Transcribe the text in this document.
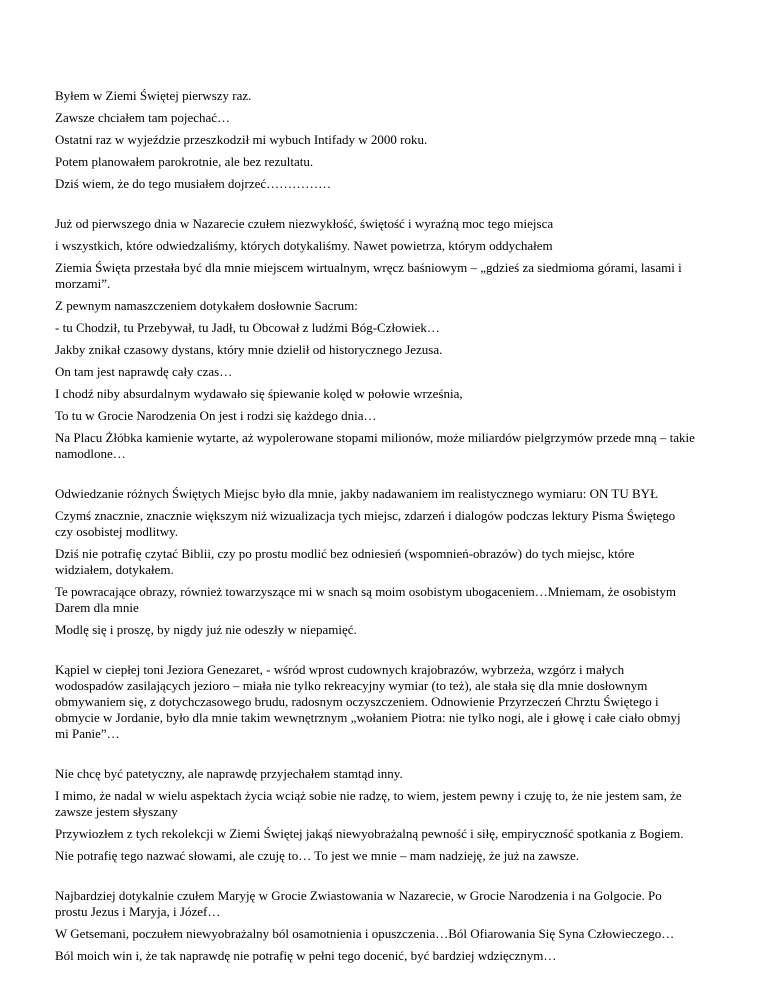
Byłem w Ziemi Świętej pierwszy raz.

Zawsze chciałem tam pojechać…

Ostatni raz w wyjeździe przeszkodził mi wybuch Intifady w 2000 roku.

Potem planowałem parokrotnie, ale bez rezultatu.

Dziś wiem, że do tego musiałem dojrzeć……………

Już od pierwszego dnia w Nazarecie czułem niezwykłość, świętość i wyraźną moc tego miejsca

i wszystkich, które odwiedzaliśmy, których dotykaliśmy. Nawet powietrza, którym oddychałem

Ziemia Święta przestała być dla mnie miejscem wirtualnym, wręcz baśniowym – „gdzieś za siedmioma górami, lasami i morzami”.

Z pewnym namaszczeniem dotykałem dosłownie Sacrum:

- tu Chodził, tu Przebywał, tu Jadł, tu Obcował z ludźmi Bóg-Człowiek…

Jakby znikał czasowy dystans, który mnie dzielił od historycznego Jezusa.

On tam jest naprawdę cały czas…

I chodź niby absurdalnym wydawało się śpiewanie kolęd w połowie września,

To tu w Grocie Narodzenia On jest i rodzi się każdego dnia…

Na Placu Żłóbka kamienie wytarte, aż wypolerowane stopami milionów, może miliardów pielgrzymów przede mną – takie namodlone…

Odwiedzanie różnych Świętych Miejsc było dla mnie, jakby nadawaniem im realistycznego wymiaru: ON TU BYŁ

Czymś znacznie, znacznie większym niż wizualizacja tych miejsc, zdarzeń i dialogów podczas lektury Pisma Świętego czy osobistej modlitwy.

Dziś nie potrafię czytać Biblii, czy po prostu modlić bez odniesień (wspomnień-obrazów) do tych miejsc, które widziałem, dotykałem.

Te powracające obrazy, również towarzyszące mi w snach są moim osobistym ubogaceniem…Mniemam, że osobistym Darem dla mnie

Modlę się i proszę, by nigdy już nie odeszły w niepamięć.

Kąpiel w ciepłej toni Jeziora Genezaret, - wśród wprost cudownych krajobrazów, wybrzeża, wzgórz i małych wodospadów zasilających jezioro – miała nie tylko rekreacyjny wymiar (to też), ale stała się dla mnie dosłownym obmywaniem się, z dotychczasowego brudu, radosnym oczyszczeniem. Odnowienie Przyrzeczeń Chrztu Świętego i obmycie w Jordanie, było dla mnie takim wewnętrznym „wołaniem Piotra: nie tylko nogi, ale i głowę i całe ciało obmyj mi Panie”…

Nie chcę być patetyczny, ale naprawdę przyjechałem stamtąd inny.

I mimo, że nadal w wielu aspektach życia wciąż sobie nie radzę, to wiem, jestem pewny i czuję to, że nie jestem sam, że zawsze jestem słyszany

Przywiozłem z tych rekolekcji w Ziemi Świętej jakąś niewyobrażalną pewność i siłę, empiryczność spotkania z Bogiem.

Nie potrafię tego nazwać słowami, ale czuję to… To jest we mnie – mam nadzieję, że już na zawsze.

Najbardziej dotykalnie czułem Maryję w Grocie Zwiastowania w Nazarecie, w Grocie Narodzenia i na Golgocie. Po prostu Jezus i Maryja, i Józef…

W Getsemani, poczułem niewyobrażalny ból osamotnienia i opuszczenia…Ból Ofiarowania Się Syna Człowieczego…

Ból moich win i, że tak naprawdę nie potrafię w pełni tego docenić, być bardziej wdzięcznym…
